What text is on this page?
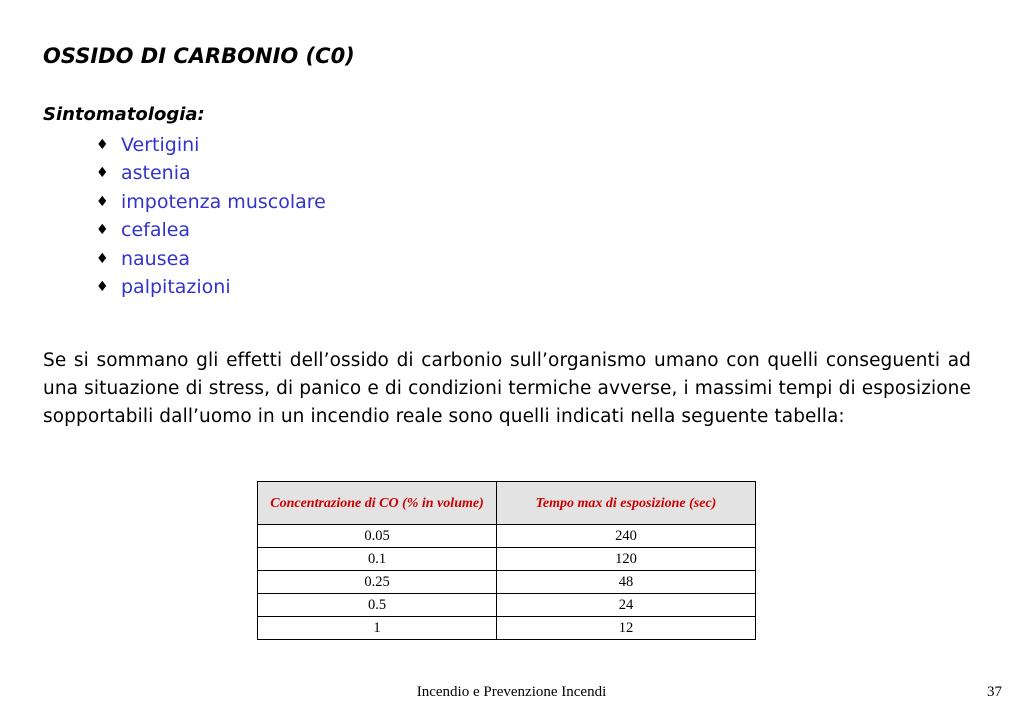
OSSIDO DI CARBONIO (C0)
Sintomatologia:
♦ Vertigini
♦ astenia
♦ impotenza muscolare
♦ cefalea
♦ nausea
♦ palpitazioni

Se si sommano gli effetti dell’ossido di carbonio sull’organismo umano con quelli conseguenti ad una situazione di stress, di panico e di condizioni termiche avverse, i massimi tempi di esposizione sopportabili dall’uomo in un incendio reale sono quelli indicati nella seguente tabella:

Concentrazione di CO (% in volume)	Tempo max di esposizione (sec)
0.05	240
0.1	120
0.25	48
0.5	24
1	12
Incendio e Prevenzione Incendi	37
